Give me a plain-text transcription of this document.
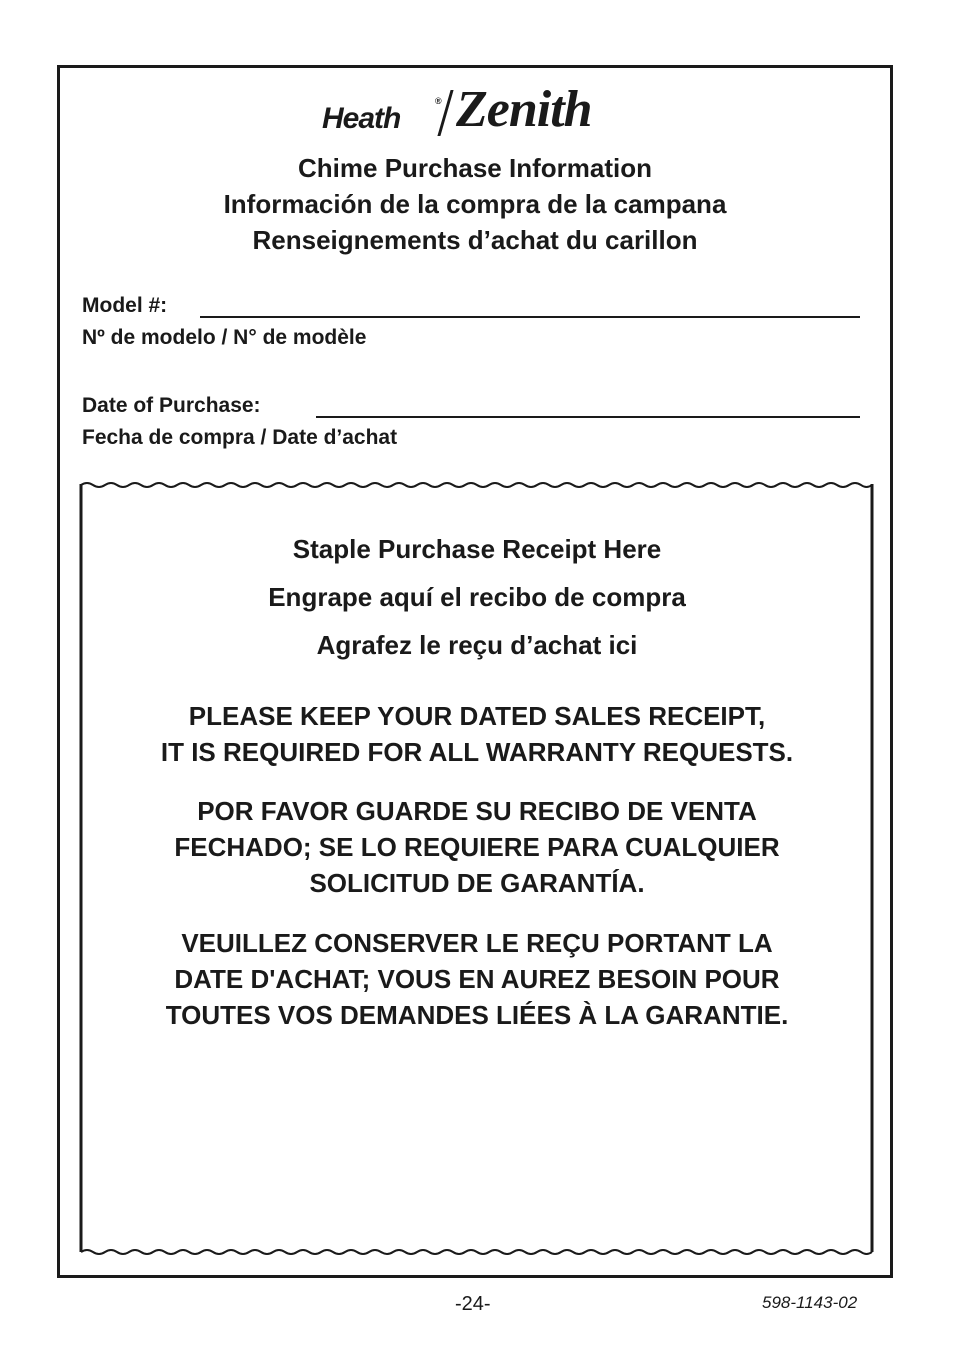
Heath
® Zenith
Chime Purchase Information
Información de la compra de la campana
Renseignements d’achat du carillon
Model #:
Nº de modelo / N° de modèle
Date of Purchase:
Fecha de compra / Date d’achat
Staple Purchase Receipt Here
Engrape aquí el recibo de compra
Agrafez le reçu d’achat ici
PLEASE KEEP YOUR DATED SALES RECEIPT,
IT IS REQUIRED FOR ALL WARRANTY REQUESTS.
POR FAVOR GUARDE SU RECIBO DE VENTA
FECHADO; SE LO REQUIERE PARA CUALQUIER
SOLICITUD DE GARANTÍA.
VEUILLEZ CONSERVER LE REÇU PORTANT LA
DATE D'ACHAT; VOUS EN AUREZ BESOIN POUR
TOUTES VOS DEMANDES LIÉES À LA GARANTIE.
-24-	598-1143-02
